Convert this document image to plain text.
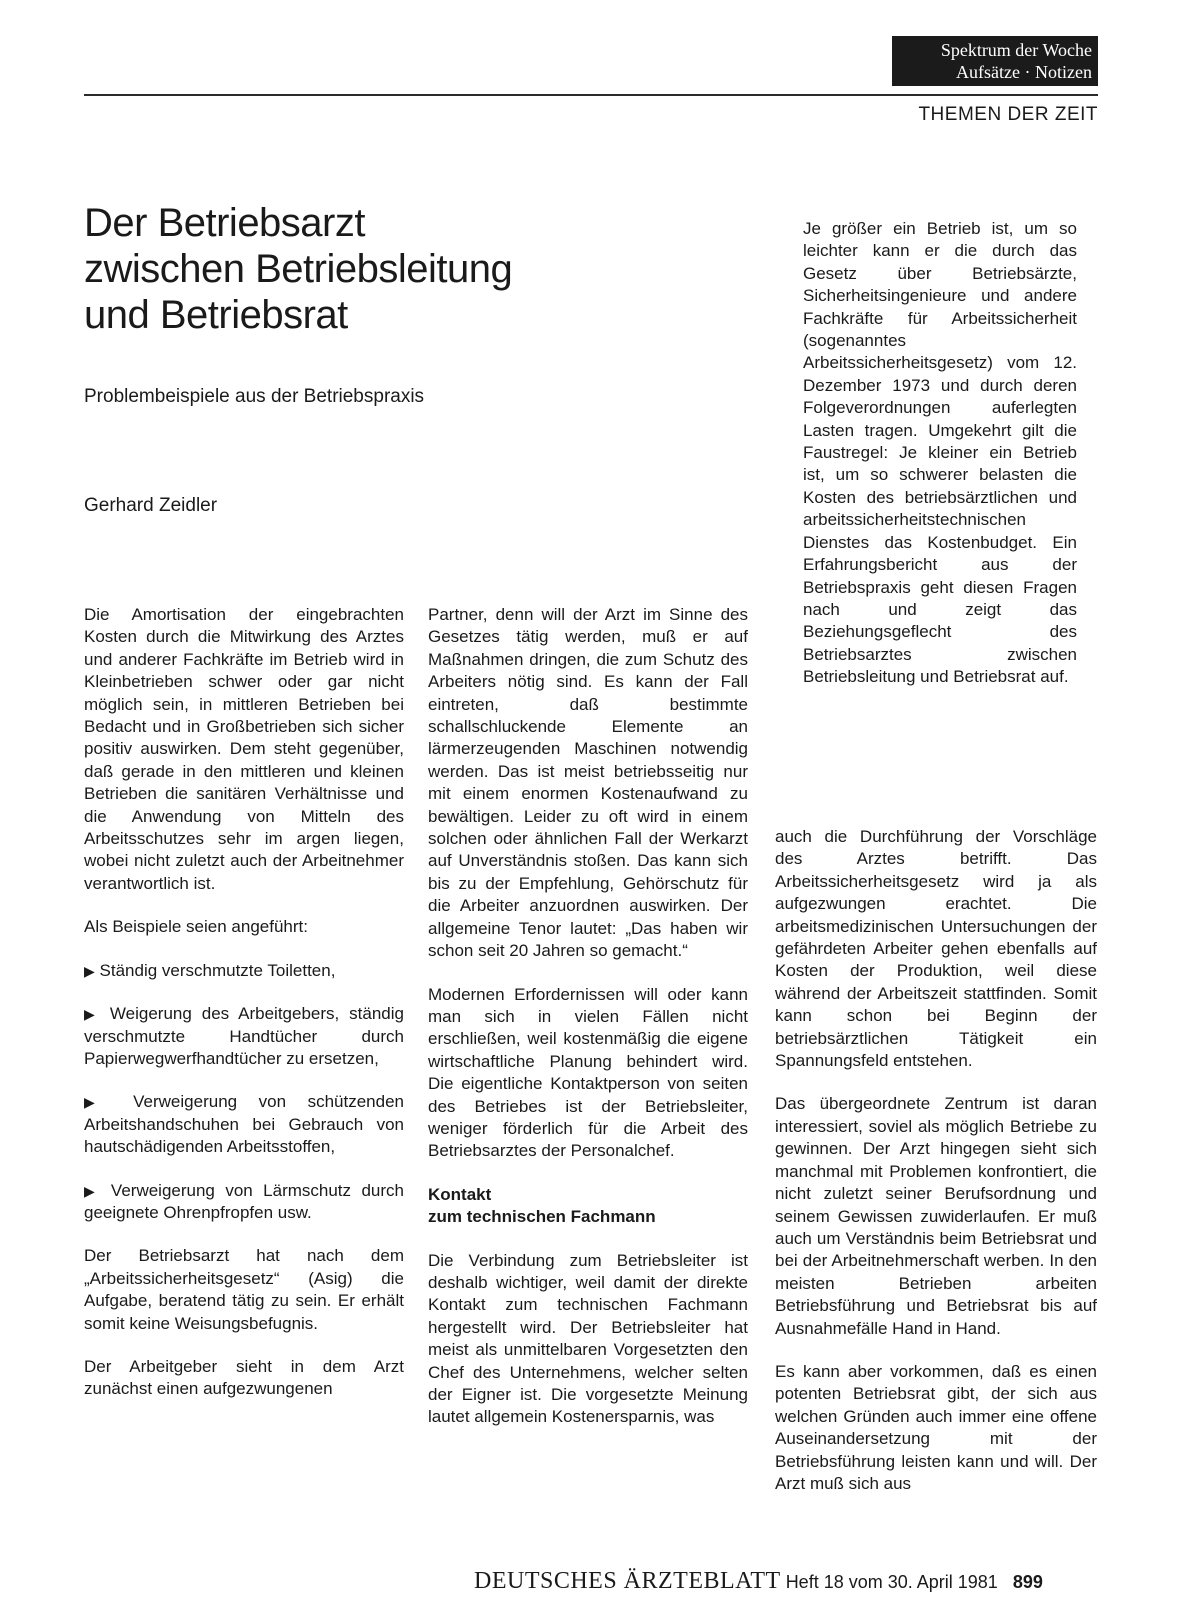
Spektrum der Woche
Aufsätze · Notizen
THEMEN DER ZEIT
Der Betriebsarzt
zwischen Betriebsleitung
und Betriebsrat
Problembeispiele aus der Betriebspraxis
Gerhard Zeidler

Je größer ein Betrieb ist, um so leichter kann er die durch das Gesetz über Betriebsärzte, Sicherheitsingenieure und andere Fachkräfte für Arbeitssicherheit (sogenanntes Arbeitssicherheitsgesetz) vom 12. Dezember 1973 und durch deren Folgeverordnungen auferlegten Lasten tragen. Umgekehrt gilt die Faustregel: Je kleiner ein Betrieb ist, um so schwerer belasten die Kosten des betriebsärztlichen und arbeitssicherheitstechnischen Dienstes das Kostenbudget. Ein Erfahrungsbericht aus der Betriebspraxis geht diesen Fragen nach und zeigt das Beziehungsgeflecht des Betriebsarztes zwischen Betriebsleitung und Betriebsrat auf.

Die Amortisation der eingebrachten Kosten durch die Mitwirkung des Arztes und anderer Fachkräfte im Betrieb wird in Kleinbetrieben schwer oder gar nicht möglich sein, in mittleren Betrieben bei Bedacht und in Großbetrieben sich sicher positiv auswirken. Dem steht gegenüber, daß gerade in den mittleren und kleinen Betrieben die sanitären Verhältnisse und die Anwendung von Mitteln des Arbeitsschutzes sehr im argen liegen, wobei nicht zuletzt auch der Arbeitnehmer verantwortlich ist.

Als Beispiele seien angeführt:

▶ Ständig verschmutzte Toiletten,

▶ Weigerung des Arbeitgebers, ständig verschmutzte Handtücher durch Papierwegwerfhandtücher zu ersetzen,

▶ Verweigerung von schützenden Arbeitshandschuhen bei Gebrauch von hautschädigenden Arbeitsstoffen,

▶ Verweigerung von Lärmschutz durch geeignete Ohrenpfropfen usw.

Der Betriebsarzt hat nach dem „Arbeitssicherheitsgesetz“ (Asig) die Aufgabe, beratend tätig zu sein. Er erhält somit keine Weisungsbefugnis.

Der Arbeitgeber sieht in dem Arzt zunächst einen aufgezwungenen

Partner, denn will der Arzt im Sinne des Gesetzes tätig werden, muß er auf Maßnahmen dringen, die zum Schutz des Arbeiters nötig sind. Es kann der Fall eintreten, daß bestimmte schallschluckende Elemente an lärmerzeugenden Maschinen notwendig werden. Das ist meist betriebsseitig nur mit einem enormen Kostenaufwand zu bewältigen. Leider zu oft wird in einem solchen oder ähnlichen Fall der Werkarzt auf Unverständnis stoßen. Das kann sich bis zu der Empfehlung, Gehörschutz für die Arbeiter anzuordnen auswirken. Der allgemeine Tenor lautet: „Das haben wir schon seit 20 Jahren so gemacht.“

Modernen Erfordernissen will oder kann man sich in vielen Fällen nicht erschließen, weil kostenmäßig die eigene wirtschaftliche Planung behindert wird. Die eigentliche Kontaktperson von seiten des Betriebes ist der Betriebsleiter, weniger förderlich für die Arbeit des Betriebsarztes der Personalchef.

Kontakt
zum technischen Fachmann

Die Verbindung zum Betriebsleiter ist deshalb wichtiger, weil damit der direkte Kontakt zum technischen Fachmann hergestellt wird. Der Betriebsleiter hat meist als unmittelbaren Vorgesetzten den Chef des Unternehmens, welcher selten der Eigner ist. Die vorgesetzte Meinung lautet allgemein Kostenersparnis, was

auch die Durchführung der Vorschläge des Arztes betrifft. Das Arbeitssicherheitsgesetz wird ja als aufgezwungen erachtet. Die arbeitsmedizinischen Untersuchungen der gefährdeten Arbeiter gehen ebenfalls auf Kosten der Produktion, weil diese während der Arbeitszeit stattfinden. Somit kann schon bei Beginn der betriebsärztlichen Tätigkeit ein Spannungsfeld entstehen.

Das übergeordnete Zentrum ist daran interessiert, soviel als möglich Betriebe zu gewinnen. Der Arzt hingegen sieht sich manchmal mit Problemen konfrontiert, die nicht zuletzt seiner Berufsordnung und seinem Gewissen zuwiderlaufen. Er muß auch um Verständnis beim Betriebsrat und bei der Arbeitnehmerschaft werben. In den meisten Betrieben arbeiten Betriebsführung und Betriebsrat bis auf Ausnahmefälle Hand in Hand.

Es kann aber vorkommen, daß es einen potenten Betriebsrat gibt, der sich aus welchen Gründen auch immer eine offene Auseinandersetzung mit der Betriebsführung leisten kann und will. Der Arzt muß sich aus

DEUTSCHES ÄRZTEBLATT Heft 18 vom 30. April 1981 899
